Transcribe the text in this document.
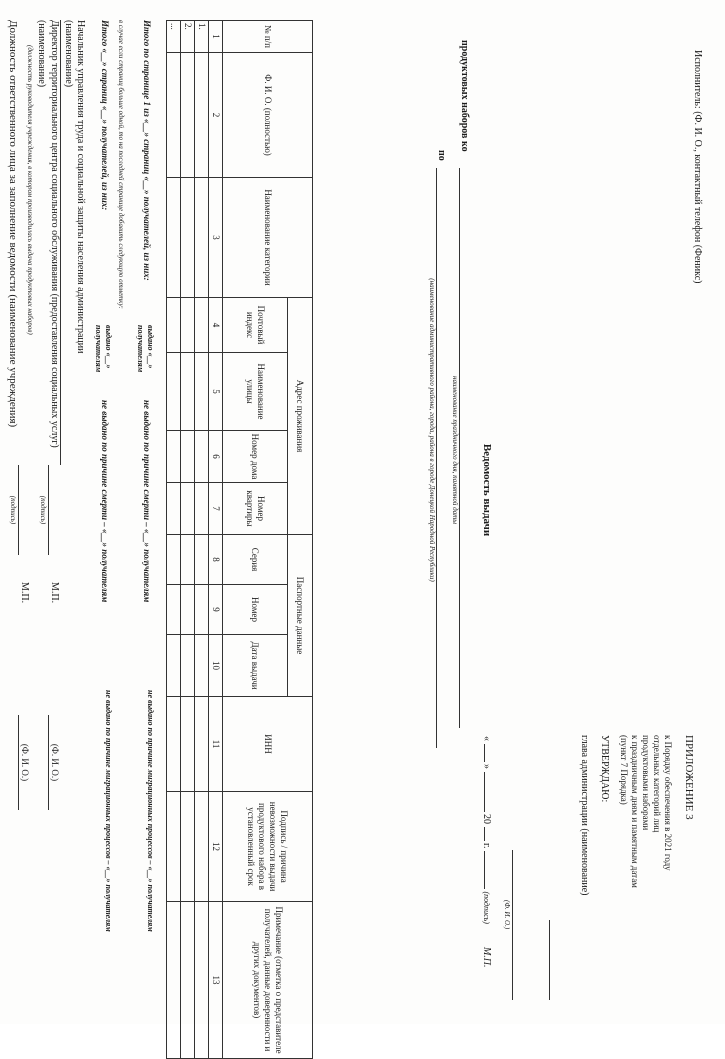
ПРИЛОЖЕНИЕ 3
к Порядку обеспечения в 2021 году
отдельных категорий лиц
продуктовыми наборами
к праздничным дням и памятным датам
(пункт 7 Порядка)
УТВЕРЖДАЮ:
глава администрации (наименование)
(Ф. И. О.)
«  »  20  г.  (подпись)  М.П.
Ведомость выдачи
продуктовых наборов ко
наименование праздничного дня, памятной даты
по
(наименование административного района, города, района в городе Донецкой Народной Республики)
№ п/п	Ф. И. О. (полностью)	Наименование категории	Адрес проживания				Паспортные данные			ИНН	Подпись / причина невозможности выдачи продуктового набора в установленный срок	Примечание (отметка о представителе получателей, данные доверенности и других документов)
			Почтовый индекс	Наименование улицы	Номер дома	Номер квартиры	Серия	Номер	Дата выдачи			
1	2	3	4	5	6	7	8	9	10	11	12	13
1.												
2.												
...												
Итого по странице 1 из «__» страниц «__» получателей, из них:
выдано «__» получателям
не выдано по причине смерти – «__» получателям
не выдано по причине миграционных процессов – «__» получателям
в случае если страниц больше одной, то на последней странице добавить следующую отметку:
Итого «__» страниц «__» получателей, из них:
выдано «__» получателям
не выдано по причине смерти – «__» получателям
не выдано по причине миграционных процессов – «__» получателям
Начальник управления труда и социальной защиты населения администрации
(наименование)
Директор территориального центра социального обслуживания (предоставления социальных услуг) (наименование)
(должность руководителя учреждения, в котором производилась выдача продуктовых наборов)
(подпись)
М.П.
(Ф. И. О.)
Должность ответственного лица за заполнение ведомости (наименование учреждения)
(подпись)
М.П.
(Ф. И. О.)
Исполнитель: (Ф. И. О., контактный телефон (Феникс)
